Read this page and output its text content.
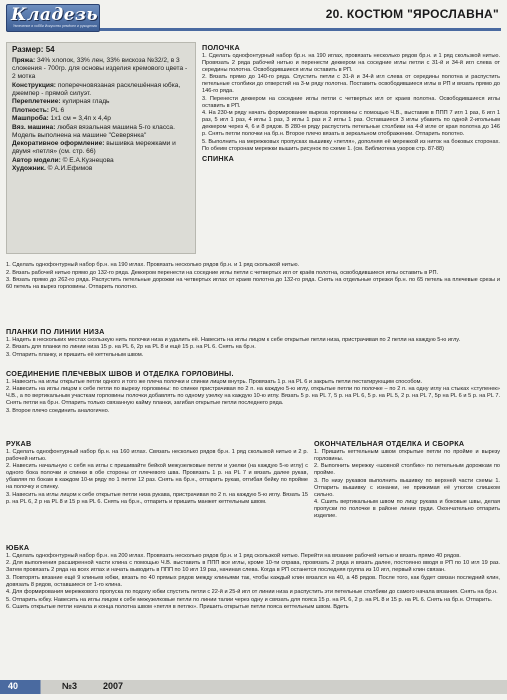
Кладезь
Увлечение и хобби Искусство ремёсел и рукоделия
20. КОСТЮМ "ЯРОСЛАВНА"

Размер: 54

Пряжа: 34% хлопок, 33% лен, 33% вискоза №32/2, в 3 сложения - 700гр. для основы изделия кремового цвета - 2 мотка

Конструкция: поперечновязаная расклешённая юбка, джемпер - прямой силуэт.

Переплетение: кулирная гладь

Плотность: PL 6

Машпроба: 1х1 см = 3,4п х 4,4р

Вяз. машина: любая вязальная машина 5-го класса. Модель выполнена на машине "Северянка"

Декоративное оформление: вышивка мережками и двумя «петля» (см. стр. 66)

Автор модели: © Е.А.Кузнецова

Художник. © А.И.Ефимов

ПОЛОЧКА

1. Сделать однофонтурный набор бр.н. на 190 иглах, провязать несколько рядов бр.н. и 1 ряд скользкой нитью. Провязать 2 ряда рабочей нитью и перенести деккером на соседние иглы петли с 31-й и 34-й игл слева от середины полотна. Освободившиеся иглы оставить в РП.

2. Вязать прямо до 140-го ряда. Спустить петли с 31-й и 34-й игл слева от середины полотна и распустить петельные столбики до отверстий на 3-м ряду полотна. Поставить освободившиеся иглы в РП и вязать прямо до 146-го ряда.

3. Перенести деккером на соседние иглы петли с четвертых игл от краев полотна. Освободившиеся иглы оставить в РП.

4. На 230-м ряду начать формирование выреза горловины с помощью Ч.В., выставив в ППП 7 игл 1 раз, 6 игл 1 раз, 5 игл 1 раз, 4 иглы 1 раз, 3 иглы 1 раз и 2 иглы 1 раз. Оставшиеся 3 иглы убавить по одной 2-игольным деккером через 4, 6 и 8 рядов. В 280-м ряду распустить петельные столбики на 4-й игле от края полотна до 146 р. Снять петли полочки на бр.н. Второе плечо вязать в зеркальном отображении. Отпарить полотно.

5. Выполнить на мережковых пропусках вышивку «петля», дополняя её мережкой из ниток на боковых сторонах. По обеим сторонам мережки вышить рисунок по схеме 1. (см. Библиотека узоров стр. 87-88)

СПИНКА

1. Сделать однофонтурный набор бр.н. на 190 иглах. Провязать несколько рядов бр.н. и 1 ряд скользкой нитью.

2. Вязать рабочей нитью прямо до 132-го ряда. Деккером перенести на соседние иглы петли с четвертых игл от краёв полотна, освободившиеся иглы оставить в РП.

3. Вязать прямо до 262-го ряда. Распустить петельные дорожки на четвертых иглах от краев полотна до 132-го ряда. Снять на отдельные отрезки бр.н. по 65 петель на плечевые срезы и 60 петель на вырез горловины. Отпарить полотно.

ПЛАНКИ ПО ЛИНИИ НИЗА

1. Надеть в нескольких местах скользкую нить полочки низа и удалить её. Навесить на иглы лицом к себе открытые петли низа, пристрачивая по 2 петли на каждую 5-ю иглу.

2. Вязать для планки по линии низа 15 р. на PL 6, 2р на PL 8 и ещё 15 р. на PL 6. Снять на бр.н.

3. Отпарить планку, и пришить её кеттельным швом.

СОЕДИНЕНИЕ ПЛЕЧЕВЫХ ШВОВ И ОТДЕЛКА ГОРЛОВИНЫ.

1. Навесить на иглы открытые петли одного и того же плеча полочки и спинки лицом внутрь. Провязать 1 р. на PL 6 и закрыть петли пестатирующим способом.

2. Навесить на иглы лицом к себе петли по вырезу горловины: по спинке пристрачивая по 2 п. на каждую 5-ю иглу, открытые петли по полочке – по 2 п. на одну иглу на стыках «ступенек» Ч.В., а по вертикальным участкам горловины полочки добавлять по одному узелку на каждую 10-ю иглу. Вязать 5 р. на PL 7, 5 р. на PL 6, 5 р. на PL 5, 2 р. на PL 7, 5р на PL 6 и 5 р. на PL 7. Снять петли на бр.н. Отпарить только связанную кайму планки, загибая открытые петли последнего ряда.

3. Второе плечо соединить аналогично.

РУКАВ

1. Сделать однофонтурный набор бр.н. на 160 иглах. Связать несколько рядов бр.н. 1 ряд скользкой нитью и 2 р. рабочей нитью.

2. Навесить начальную с себя на иглы с пришивайте бейкой межузелковые петли и узелки (на каждую 5-ю иглу) с одного бока полочки и спинки в обе стороны от плечевого шва. Провязать 1 р. на PL 7 и вязать далее рукав, убавляя по бокам в каждом 10-м ряду по 1 петле 12 раз. Снять на бр.н., отпарить рукав, отгибая бейку по пройме на полочку и спинку.

3. Навесить на иглы лицом к себе открытые петли низа рукава, пристрачивая по 2 п. на каждую 5-ю иглу. Вязать 15 р. на PL 6, 2 р на PL 8 и 15 р на PL 6. Снять на бр.н., отпарить и пришить манжет кеттельным швом.

ОКОНЧАТЕЛЬНАЯ ОТДЕЛКА И СБОРКА

1. Пришить кеттельным швом открытые петли по пройме и вырезу горловины.

2. Выполнить мережку «шовной столбик» по петельным дорожкам по пройме.

3. По низу рукавов выполнить вышивку по верхней части схемы 1. Отпарить вышивку с изнанки, не прижимая её утюгом слишком сильно.

4. Сшить вертикальным швом по лицу рукава и боковые швы, делая пропуски по полочке в районе линии груди. Окончательно отпарить изделие.

ЮБКА

1. Сделать однофонтурный набор бр.н. на 200 иглах. Провязать несколько рядов бр.н. и 1 ряд скользкой нитью. Перейти на вязание рабочей нитью и вязать прямо 40 рядов.

2. Для выполнения расширенной части клина с помощью Ч.В. выставить в ППП все иглы, кроме 10-ти справа, провязать 2 ряда и вязать далее, постоянно вводя в РП по 10 игл 19 раз. Затем провязать 2 ряда на всех иглах и начать выводить в ППП по 10 игл 19 раз, начиная слева. Когда в РП останется последняя группа из 10 игл, первый клин связан.

3. Повторять вязание ещё 9 клиньев юбки, вязать по 40 прямых рядов между клиньями так, чтобы каждый клин вязался на 40, а 48 рядов. После того, как будет связан последний клин, довязать 8 рядов, оставшиеся от 1-го клина.

4. Для формирования мережкового пропуска по подолу юбки спустить петли с 22-й и 25-й игл от линии низа и распустить эти петельные столбики до самого начала вязания. Снять на бр.н.

5. Отпарить юбку. Навесить на иглы лицом к себе межузелковые петли по линии талии через одну и связать для пояса 15 р. на PL 6, 2 р. на PL 8 и 15 р. на PL 6. Снять на бр.н. Отпарить.

6. Сшить открытые петли начала и конца полотна швом «петля в петлю». Пришить открытые петли пояса кеттельным швом. Вдеть

40	№3	2007
